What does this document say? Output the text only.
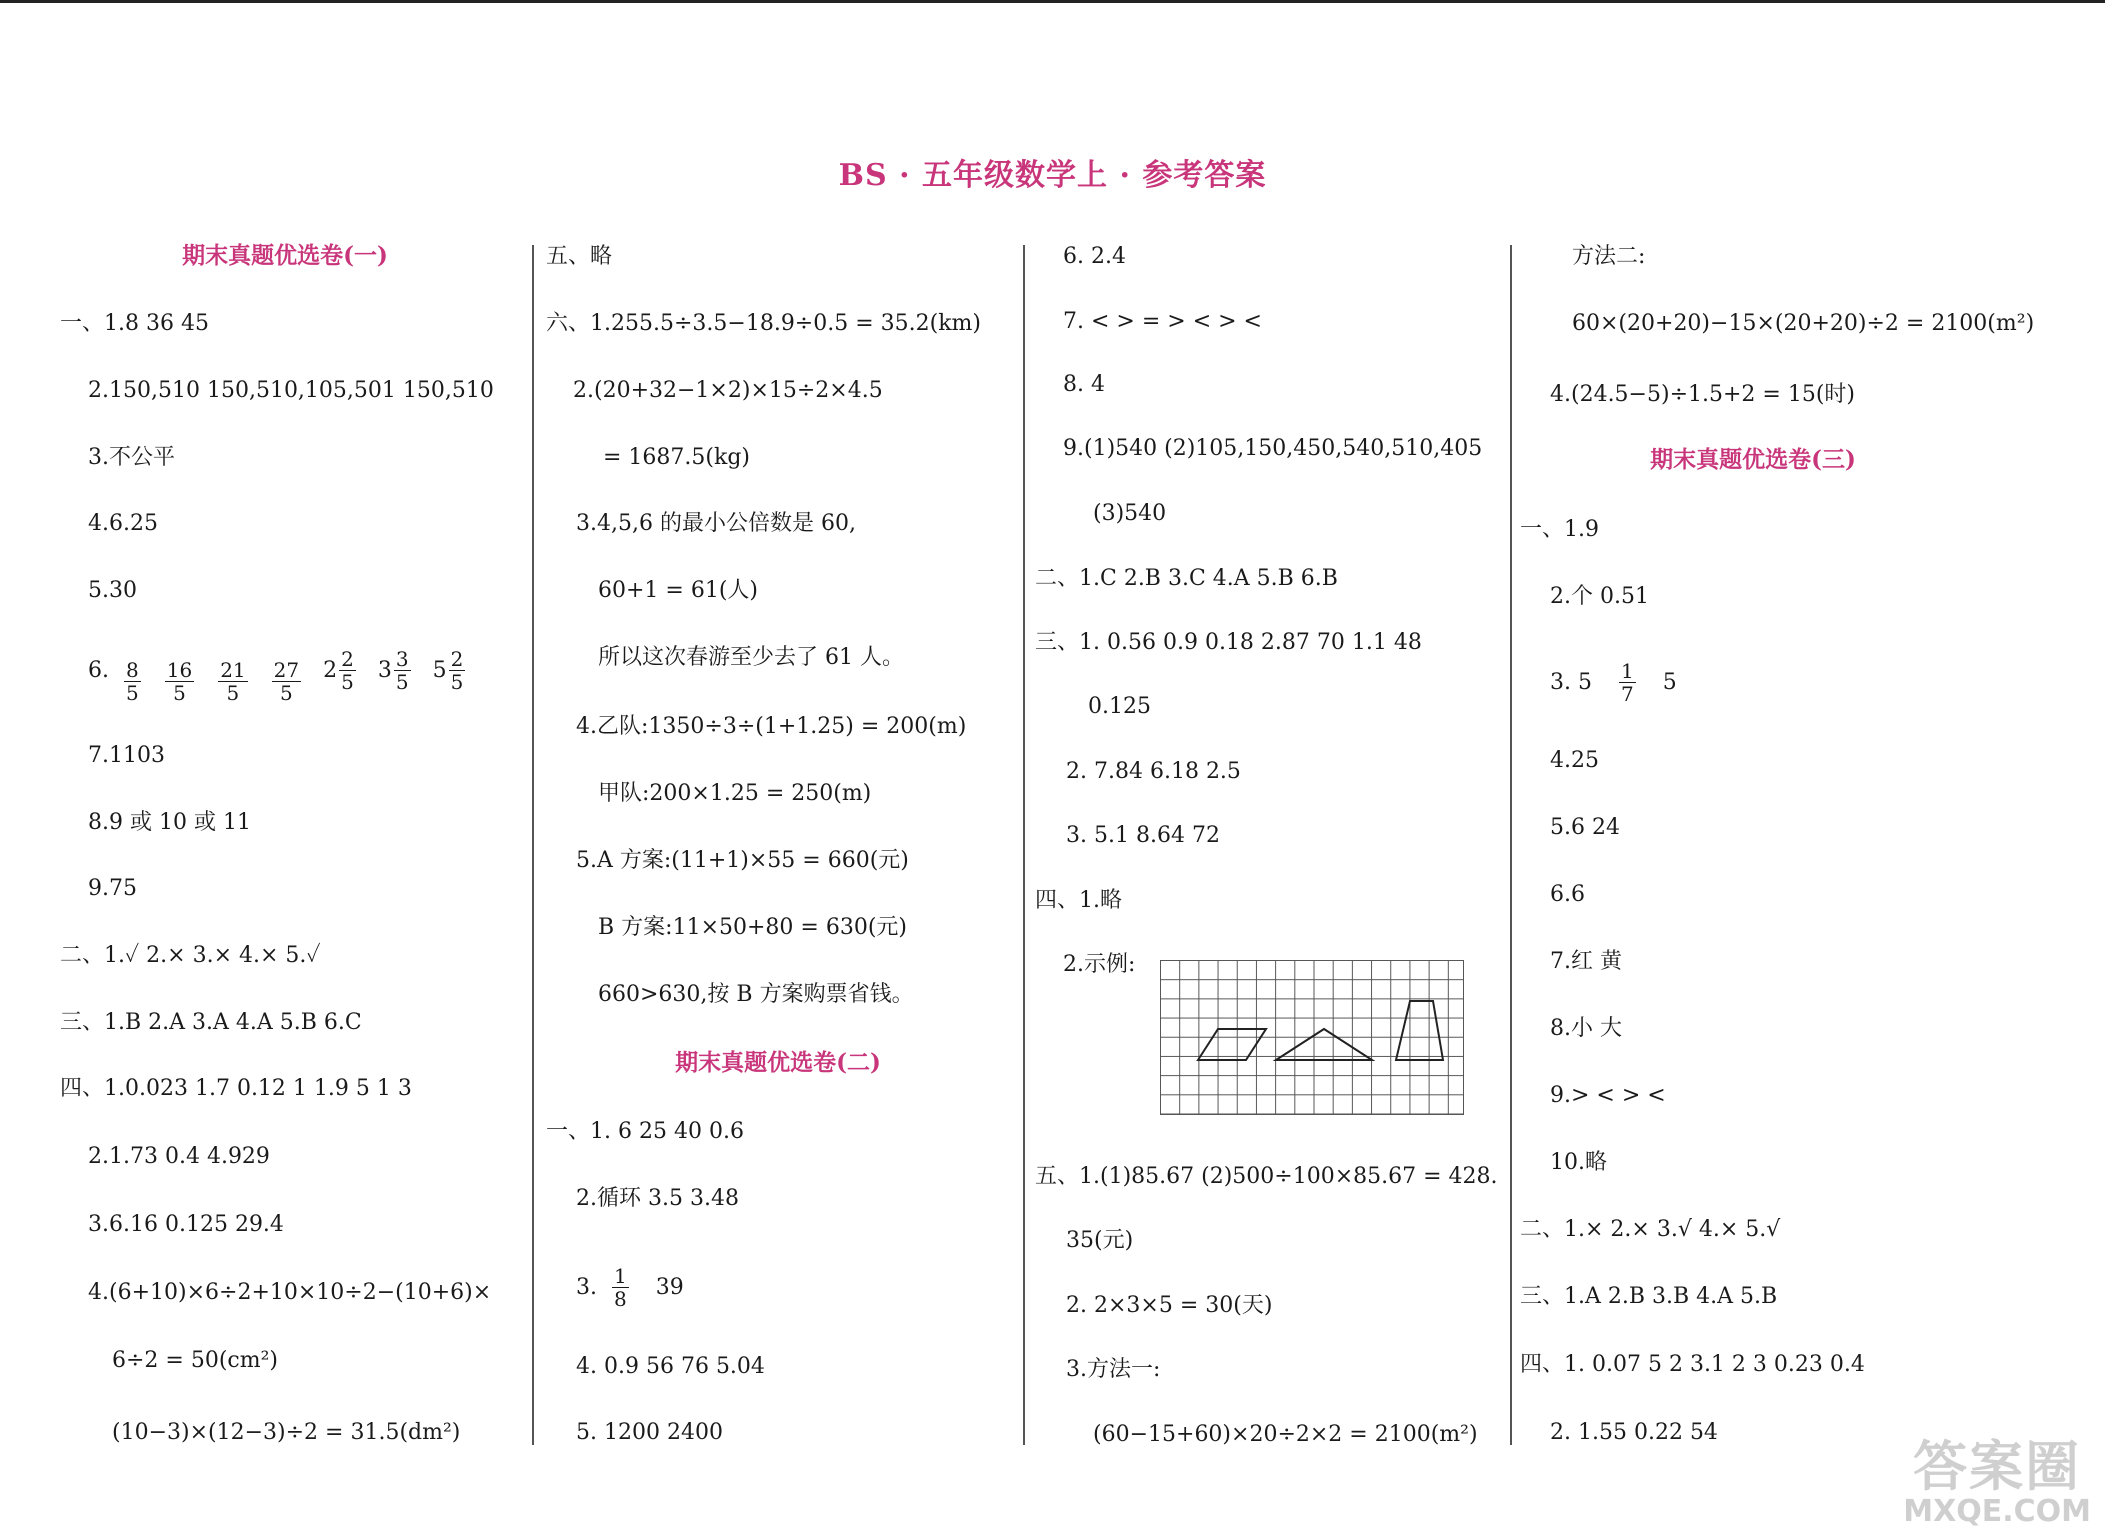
BS · 五年级数学上 · 参考答案
期末真题优选卷(一)
一、1.8 36 45
2.150,510 150,510,105,501 150,510
3.不公平
4.6.25
5.30
6. $\frac{8}{5} \frac{16}{5} \frac{21}{5} \frac{27}{5} 2 \frac{2}{5} 3 \frac{3}{5} 5 \frac{2}{5}$
7.1103
8.9 或 10 或 11
9.75
二、1.✓ 2.× 3.× 4.× 5.✓
三、1.B 2.A 3.A 4.A 5.B 6.C
四、1.0.023 1.7 0.12 1 1.9 5 1 3
2.1.73 0.4 4.929
3.6.16 0.125 29.4
4.(6+10)×6÷2+10×10÷2−(10+6)×
6÷2 = 50(cm²)
(10−3)×(12−3)÷2 = 31.5(dm²)
五、略
六、1.255.5÷3.5−18.9÷0.5 = 35.2(km)
2.(20+32−1×2)×15÷2×4.5
= 1687.5(kg)
3.4,5,6 的最小公倍数是 60,
60+1 = 61(人)
所以这次春游至少去了 61 人。
4.乙队:1350÷3÷(1+1.25) = 200(m)
甲队:200×1.25 = 250(m)
5.A 方案:(11+1)×55 = 660(元)
B 方案:11×50+80 = 630(元)
660>630,按 B 方案购票省钱。
期末真题优选卷(二)
一、1. 6 25 40 0.6
2.循环 3.5 3.48
3. $\frac{1}{8} 39$
4. 0.9 56 76 5.04
5. 1200 2400
6. 2.4
7. < > = > < > <
8. 4
9.(1)540 (2)105,150,450,540,510,405
(3)540
二、1.C 2.B 3.C 4.A 5.B 6.B
三、1. 0.56 0.9 0.18 2.87 70 1.1 48
0.125
2. 7.84 6.18 2.5
3. 5.1 8.64 72
四、1.略
2.示例:
五、1.(1)85.67 (2)500÷100×85.67 = 428.
35(元)
2. 2×3×5 = 30(天)
3.方法一:
(60−15+60)×20÷2×2 = 2100(m²)
方法二:
60×(20+20)−15×(20+20)÷2 = 2100(m²)
4.(24.5−5)÷1.5+2 = 15(时)
期末真题优选卷(三)
一、1.9
2.个 0.51
3. $5 \frac{1}{7} 5$
4.25
5.6 24
6.6
7.红 黄
8.小 大
9.> < > <
10.略
二、1.× 2.× 3.√ 4.× 5.√
三、1.A 2.B 3.B 4.A 5.B
四、1. 0.07 5 2 3.1 2 3 0.23 0.4
2. 1.55 0.22 54
答案圈
MXQE.COM
